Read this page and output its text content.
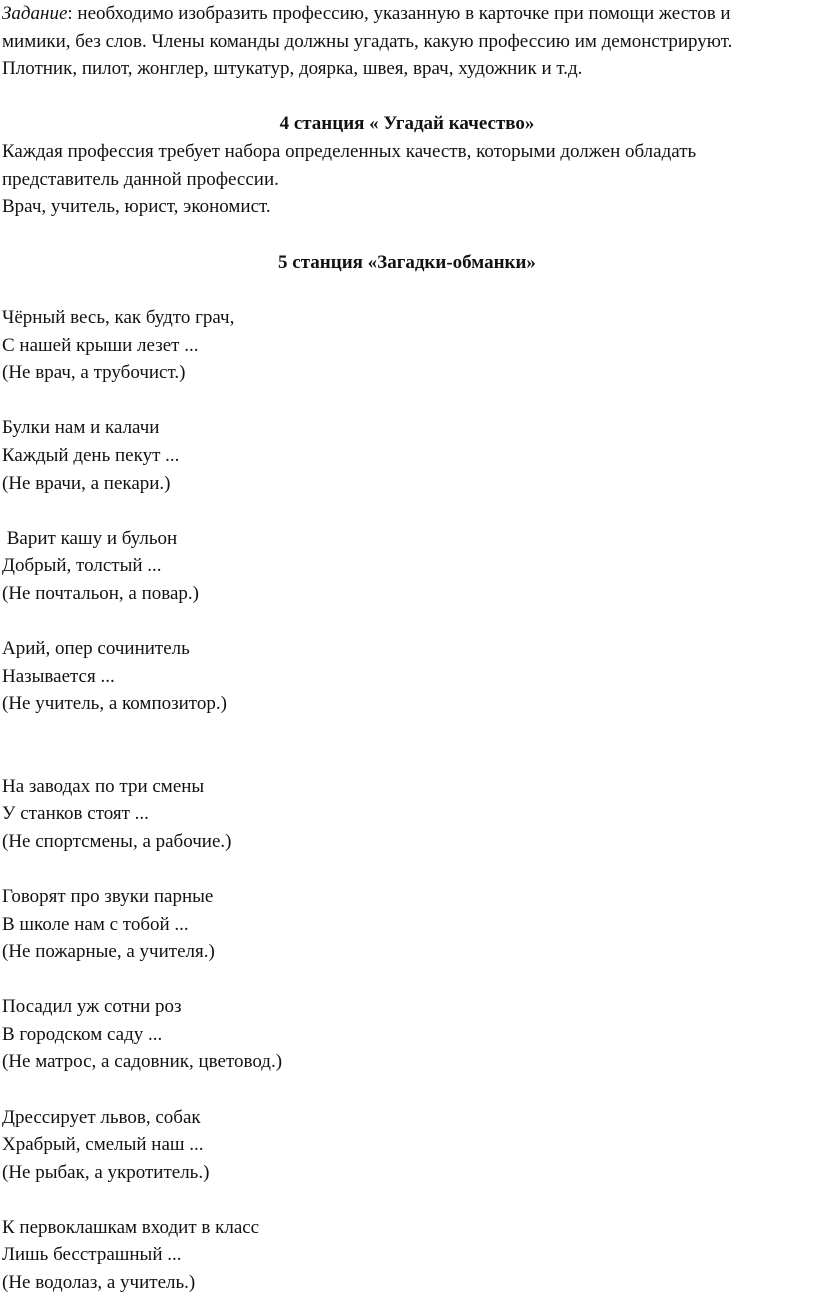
Задание: необходимо изобразить профессию, указанную в карточке при помощи жестов и
мимики, без слов. Члены команды должны угадать, какую профессию им демонстрируют.
Плотник, пилот, жонглер, штукатур, доярка, швея, врач, художник и т.д.
4 станция « Угадай качество»
Каждая профессия требует набора определенных качеств, которыми должен обладать
представитель данной профессии.
Врач, учитель, юрист, экономист.
5 станция «Загадки-обманки»
Чёрный весь, как будто грач,
С нашей крыши лезет ...
(Не врач, а трубочист.)
Булки нам и калачи
Каждый день пекут ...
(Не врачи, а пекари.)
Варит кашу и бульон
Добрый, толстый ...
(Не почтальон, а повар.)
Арий, опер сочинитель
Называется ...
(Не учитель, а композитор.)
На заводах по три смены
У станков стоят ...
(Не спортсмены, а рабочие.)
Говорят про звуки парные
В школе нам с тобой ...
(Не пожарные, а учителя.)
Посадил уж сотни роз
В городском саду ...
(Не матрос, а садовник, цветовод.)
Дрессирует львов, собак
Храбрый, смелый наш ...
(Не рыбак, а укротитель.)
К первоклашкам входит в класс
Лишь бесстрашный ...
(Не водолаз, а учитель.)
